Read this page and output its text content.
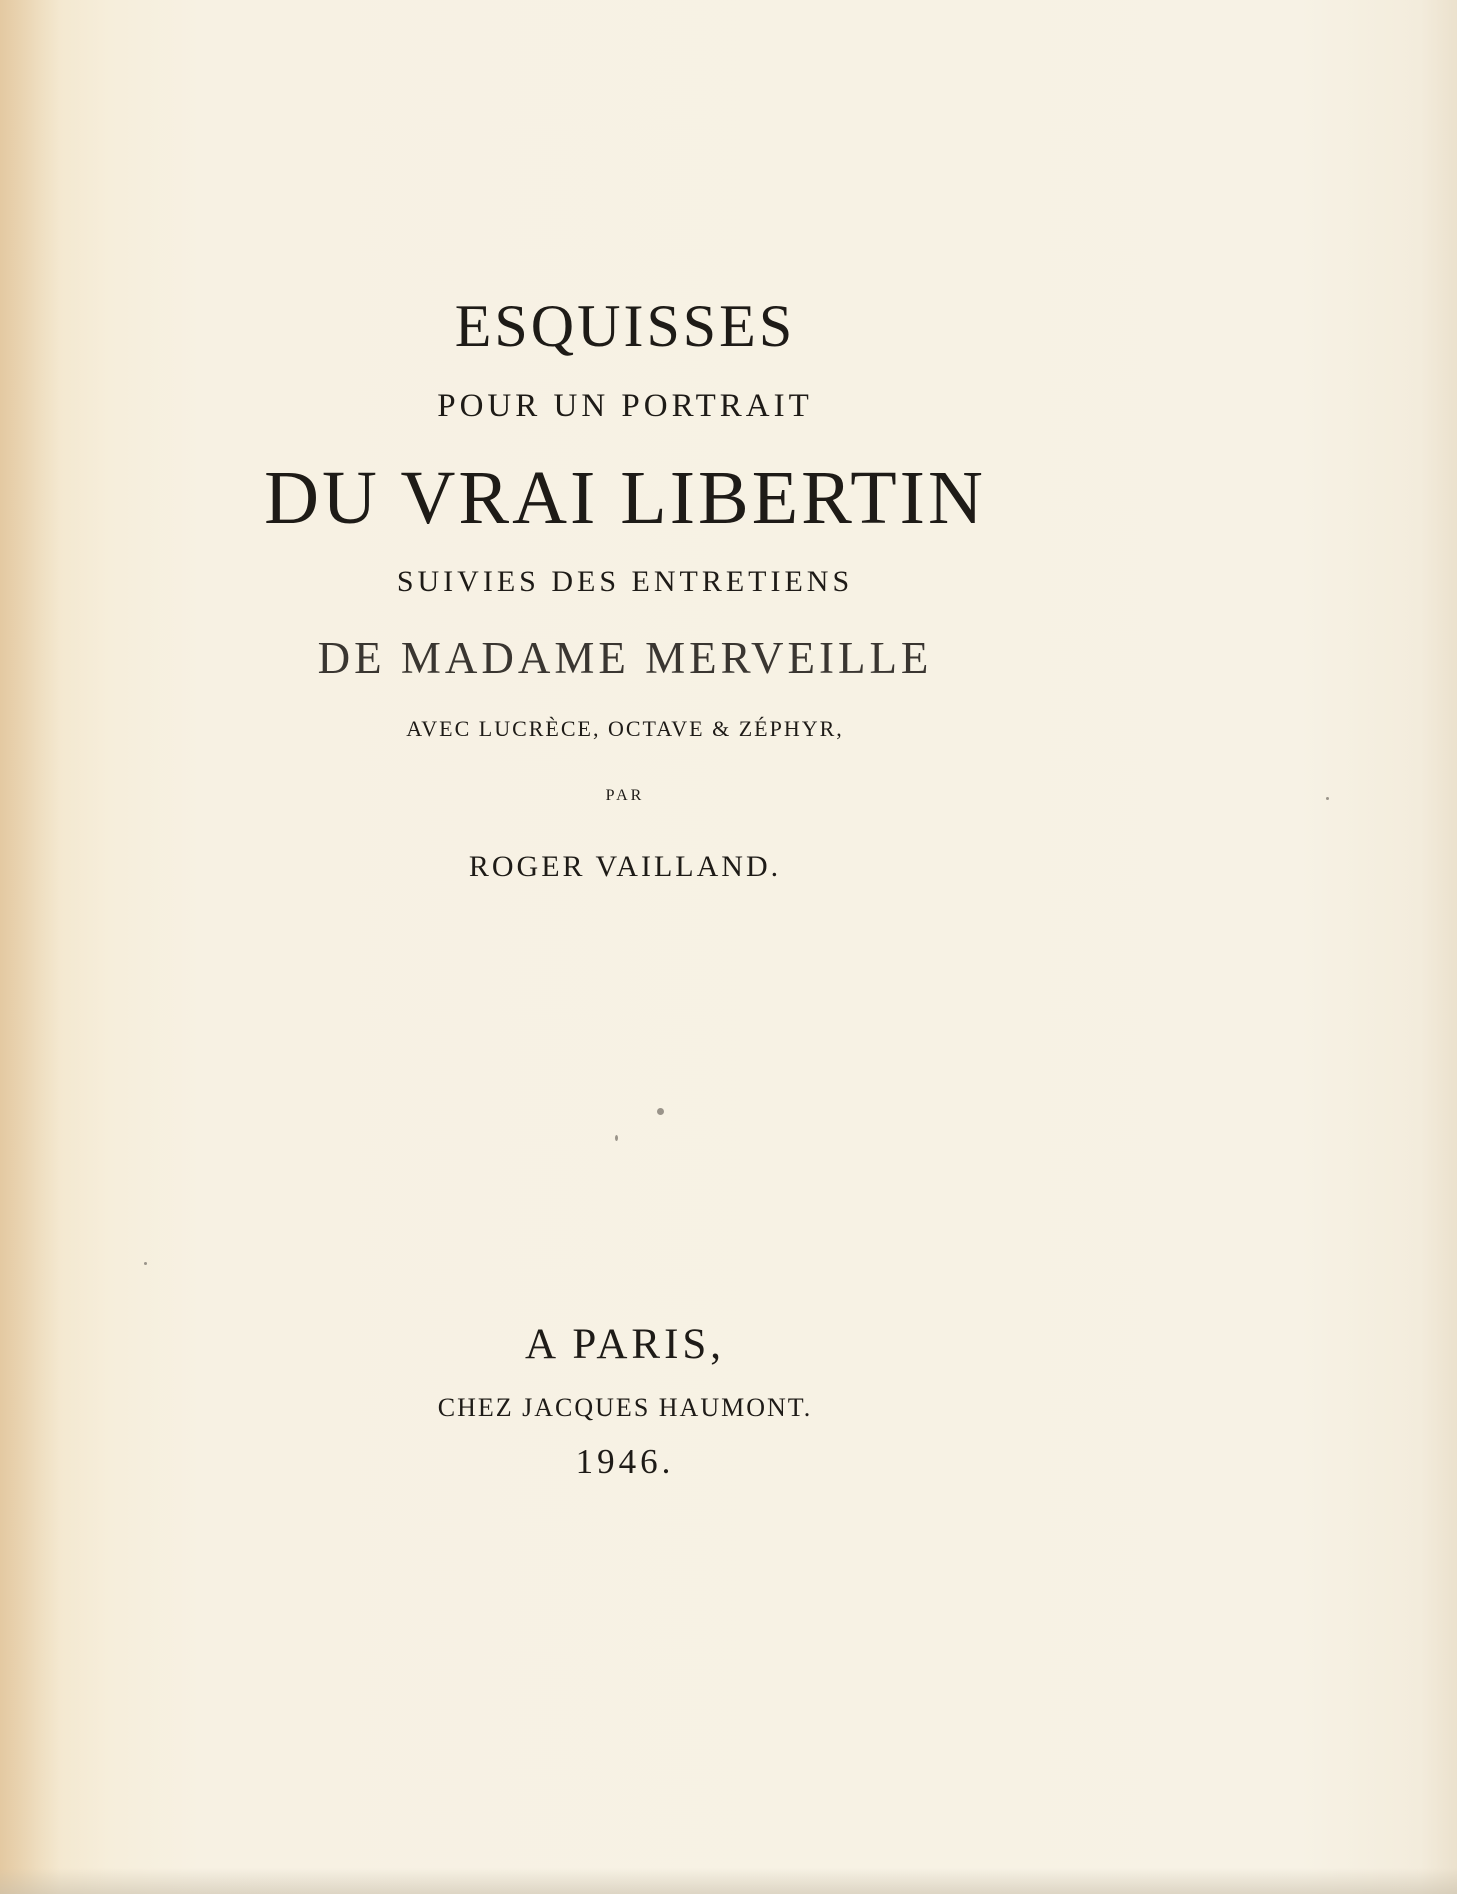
ESQUISSES
POUR UN PORTRAIT
DU VRAI LIBERTIN
SUIVIES DES ENTRETIENS
DE MADAME MERVEILLE
AVEC LUCRÈCE, OCTAVE & ZÉPHYR,
PAR
ROGER VAILLAND.
A PARIS,
CHEZ JACQUES HAUMONT.
1946.
